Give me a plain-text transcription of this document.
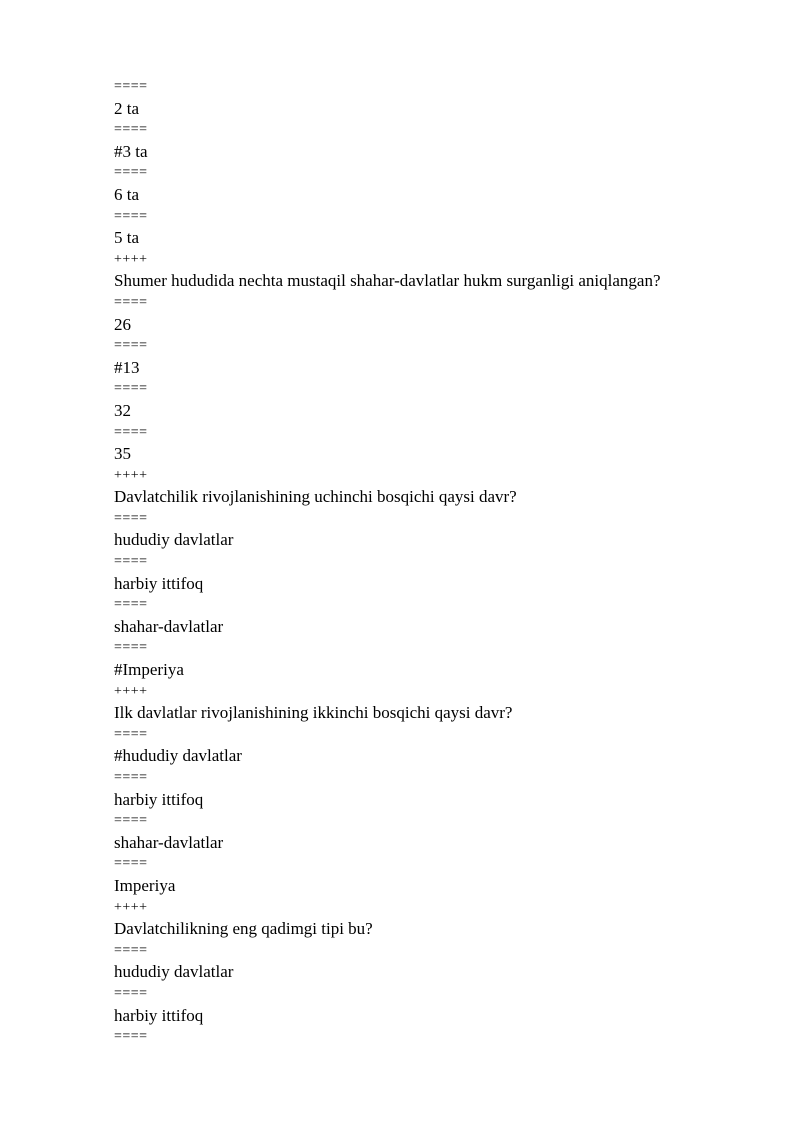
====
2 ta
====
#3 ta
====
6 ta
====
5 ta
++++
Shumer hududida nechta mustaqil shahar-davlatlar hukm surganligi aniqlangan?
====
26
====
#13
====
32
====
35
++++
Davlatchilik rivojlanishining uchinchi bosqichi qaysi davr?
====
hududiy davlatlar
====
harbiy ittifoq
====
shahar-davlatlar
====
#Imperiya
++++
Ilk davlatlar rivojlanishining ikkinchi bosqichi qaysi davr?
====
#hududiy davlatlar
====
harbiy ittifoq
====
shahar-davlatlar
====
Imperiya
++++
Davlatchilikning eng qadimgi tipi bu?
====
hududiy davlatlar
====
harbiy ittifoq
====
